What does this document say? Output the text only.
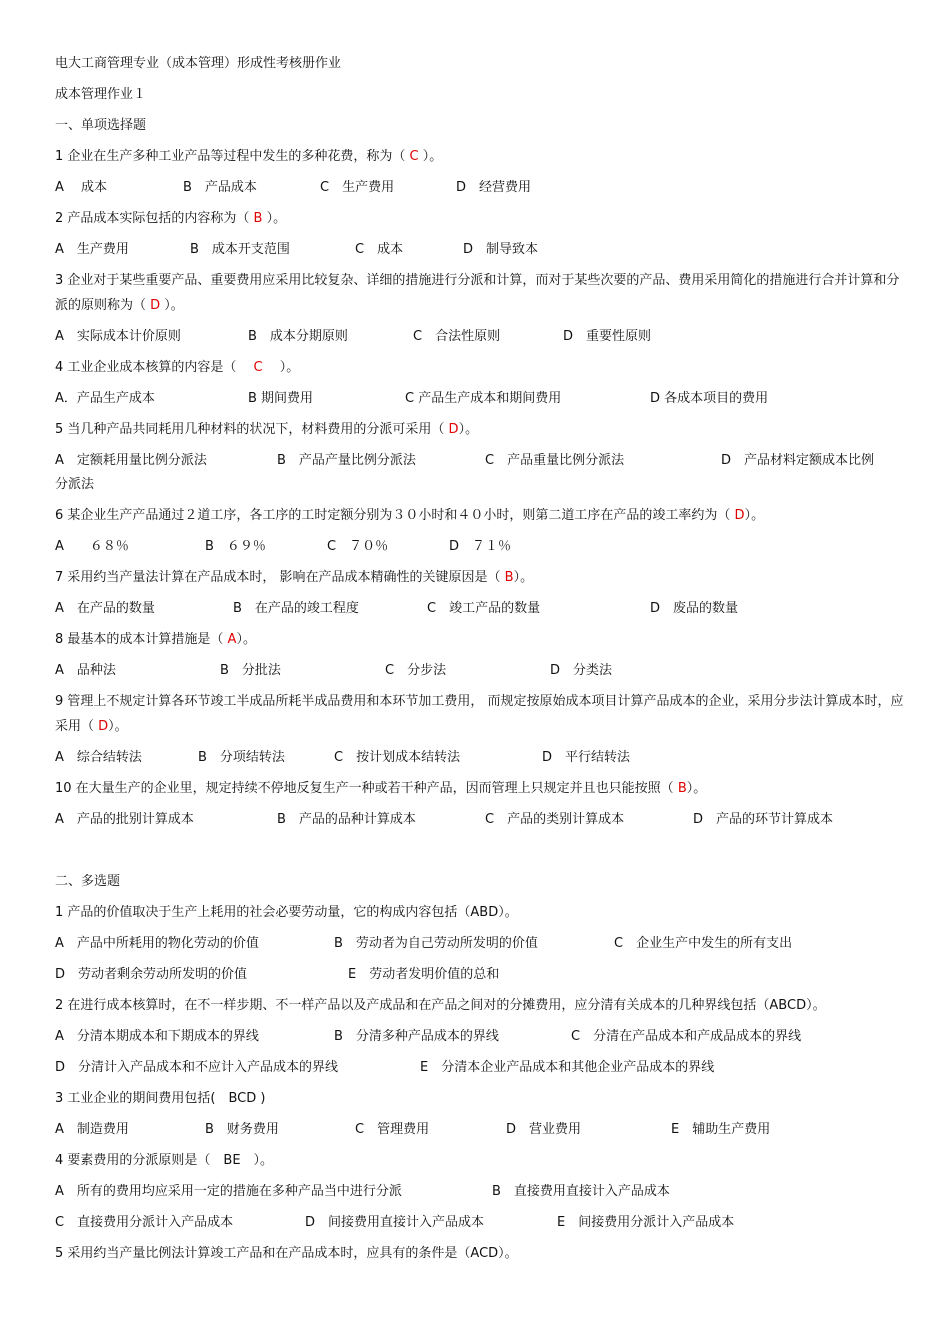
电大工商管理专业（成本管理）形成性考核册作业
成本管理作业１
一、单项选择题
1 企业在生产多种工业产品等过程中发生的多种花费，称为（ C ）。
A　 成本	B　产品成本	C　生产费用	D　经营费用
2 产品成本实际包括的内容称为（ B ）。
A　生产费用	B　成本开支范围	C　成本	D　制导致本
3 企业对于某些重要产品、重要费用应采用比较复杂、详细的措施进行分派和计算，而对于某些次要的产品、费用采用简化的措施进行合并计算和分派的原则称为（ D ）。
A　实际成本计价原则	B　成本分期原则	C　合法性原则	D　重要性原则
4 工业企业成本核算的内容是（　 C　 ）。
A．产品生产成本	B 期间费用	C 产品生产成本和期间费用	D 各成本项目的费用
5 当几种产品共同耗用几种材料的状况下，材料费用的分派可采用（ D）。
A　定额耗用量比例分派法	B　产品产量比例分派法	C　产品重量比例分派法	D　产品材料定额成本比例
分派法
6 某企业生产产品通过２道工序，各工序的工时定额分别为３０小时和４０小时，则第二道工序在产品的竣工率约为（ D）。
A　　６８％	B　６９％	C　７０％	D　７１％
7 采用约当产量法计算在产品成本时， 影响在产品成本精确性的关键原因是（ B）。
A　在产品的数量	B　在产品的竣工程度	C　竣工产品的数量	D　废品的数量
8 最基本的成本计算措施是（ A）。
A　品种法	B　分批法	C　分步法	D　分类法
9 管理上不规定计算各环节竣工半成品所耗半成品费用和本环节加工费用， 而规定按原始成本项目计算产品成本的企业，采用分步法计算成本时，应采用（ D）。
A　综合结转法	B　分项结转法	C　按计划成本结转法	D　平行结转法
10 在大量生产的企业里，规定持续不停地反复生产一种或若干种产品，因而管理上只规定并且也只能按照（ B）。
A　产品的批别计算成本	B　产品的品种计算成本	C　产品的类别计算成本	D　产品的环节计算成本
二、多选题
1 产品的价值取决于生产上耗用的社会必要劳动量，它的构成内容包括（ABD）。
A　产品中所耗用的物化劳动的价值	B　劳动者为自己劳动所发明的价值	C　企业生产中发生的所有支出
D　劳动者剩余劳动所发明的价值	E　劳动者发明价值的总和
2 在进行成本核算时，在不一样步期、不一样产品以及产成品和在产品之间对的分摊费用，应分清有关成本的几种界线包括（ABCD）。
A　分清本期成本和下期成本的界线	B　分清多种产品成本的界线	C　分清在产品成本和产成品成本的界线
D　分清计入产品成本和不应计入产品成本的界线	E　分清本企业产品成本和其他企业产品成本的界线
3 工业企业的期间费用包括(　BCD )
A　制造费用	B　财务费用	C　管理费用	D　营业费用	E　辅助生产费用
4 要素费用的分派原则是（　BE　）。
A　所有的费用均应采用一定的措施在多种产品当中进行分派	B　直接费用直接计入产品成本
C　直接费用分派计入产品成本	D　间接费用直接计入产品成本	E　间接费用分派计入产品成本
5 采用约当产量比例法计算竣工产品和在产品成本时，应具有的条件是（ACD）。
